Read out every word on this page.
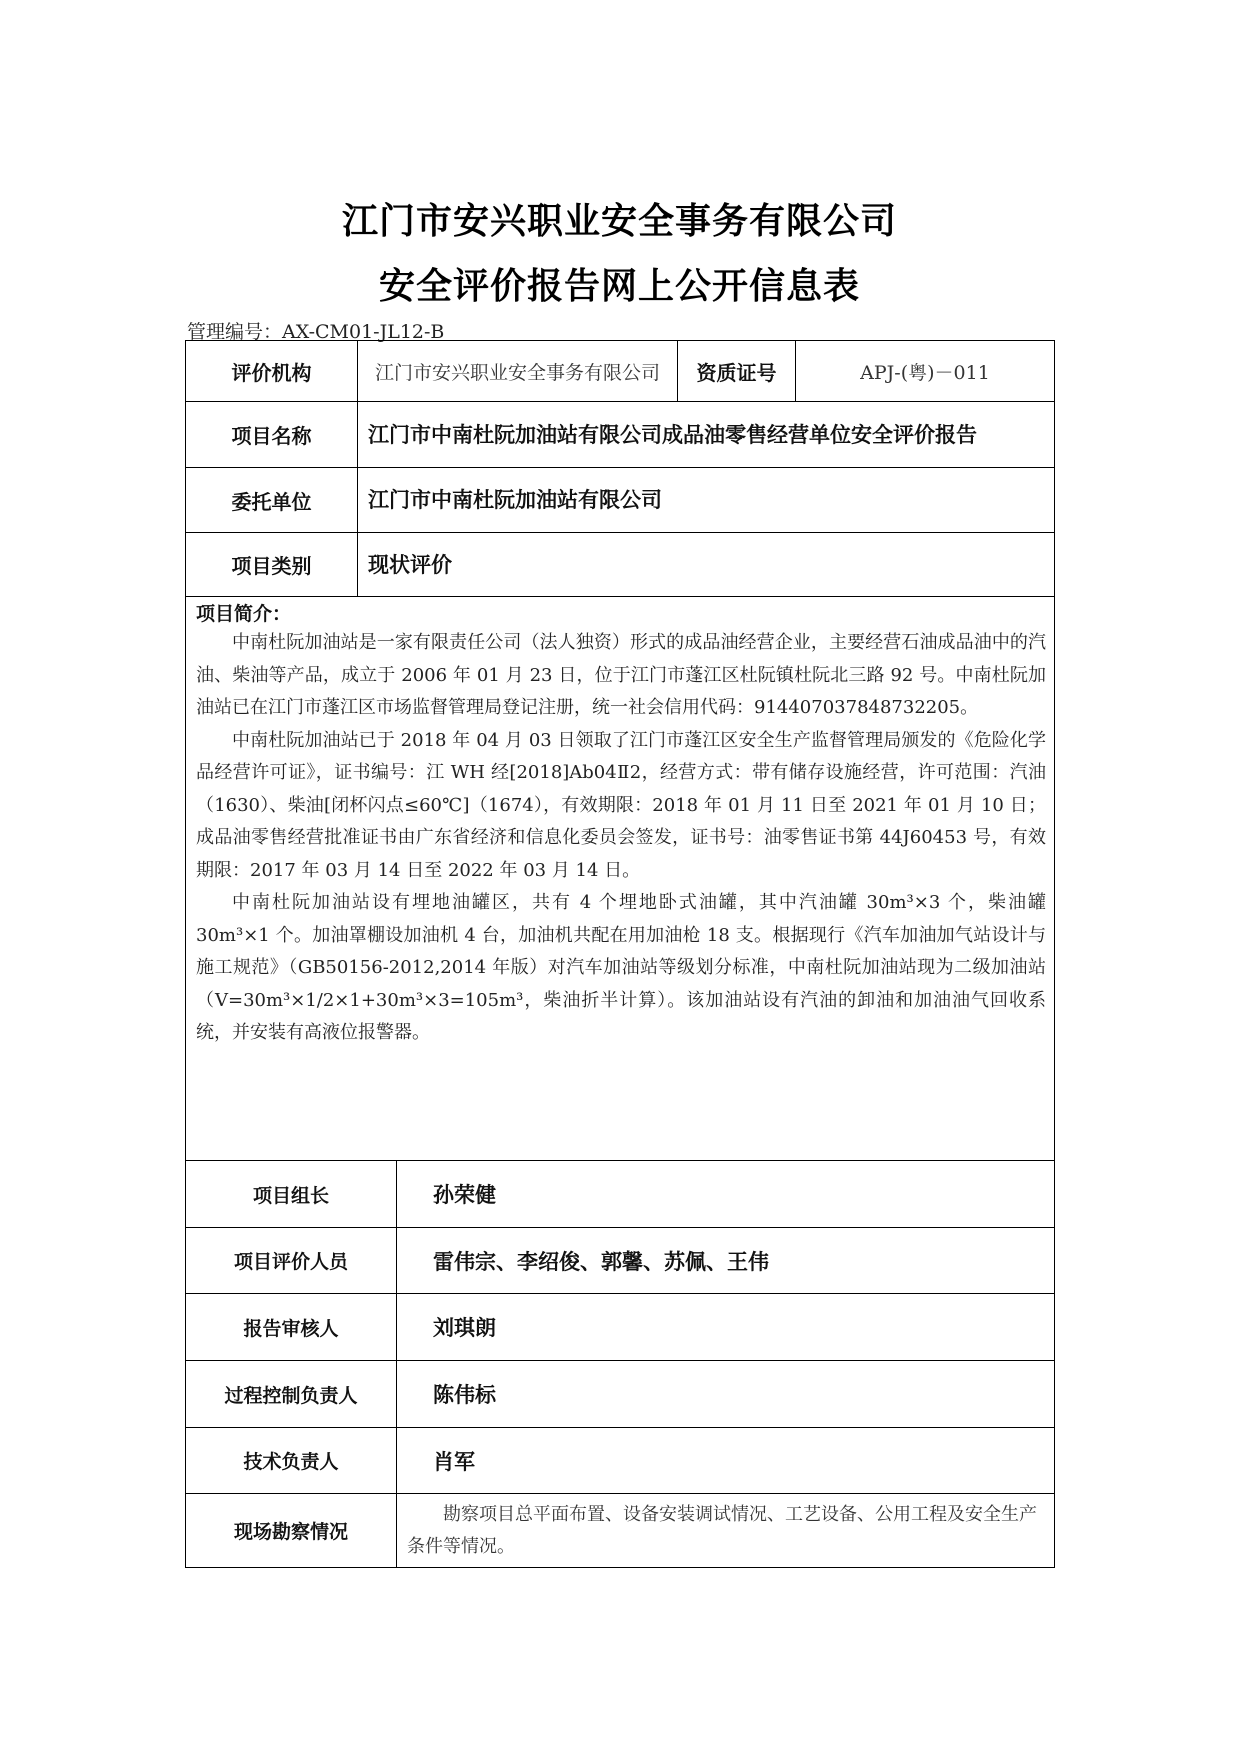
江门市安兴职业安全事务有限公司
安全评价报告网上公开信息表
管理编号：AX-CM01-JL12-B
评价机构	江门市安兴职业安全事务有限公司	资质证号	APJ-(粤)－011
项目名称	江门市中南杜阮加油站有限公司成品油零售经营单位安全评价报告		
委托单位	江门市中南杜阮加油站有限公司		
项目类别	现状评价		

项目简介：

中南杜阮加油站是一家有限责任公司（法人独资）形式的成品油经营企业，主要经营石油成品油中的汽油、柴油等产品，成立于 2006 年 01 月 23 日，位于江门市蓬江区杜阮镇杜阮北三路 92 号。中南杜阮加油站已在江门市蓬江区市场监督管理局登记注册，统一社会信用代码：914407037848732205。

中南杜阮加油站已于 2018 年 04 月 03 日领取了江门市蓬江区安全生产监督管理局颁发的《危险化学品经营许可证》，证书编号：江 WH 经[2018]Ab04Ⅱ2，经营方式：带有储存设施经营，许可范围：汽油（1630）、柴油[闭杯闪点≤60℃]（1674），有效期限：2018 年 01 月 11 日至 2021 年 01 月 10 日；成品油零售经营批准证书由广东省经济和信息化委员会签发，证书号：油零售证书第 44J60453 号，有效期限：2017 年 03 月 14 日至 2022 年 03 月 14 日。

中南杜阮加油站设有埋地油罐区，共有 4 个埋地卧式油罐，其中汽油罐 30m³×3 个，柴油罐 30m³×1 个。加油罩棚设加油机 4 台，加油机共配在用加油枪 18 支。根据现行《汽车加油加气站设计与施工规范》（GB50156-2012,2014 年版）对汽车加油站等级划分标准，中南杜阮加油站现为二级加油站（V=30m³×1/2×1+30m³×3=105m³，柴油折半计算）。该加油站设有汽油的卸油和加油油气回收系统，并安装有高液位报警器。			

项目组长	孙荣健
项目评价人员	雷伟宗、李绍俊、郭馨、苏佩、王伟
报告审核人	刘琪朗
过程控制负责人	陈伟标
技术负责人	肖军
现场勘察情况	勘察项目总平面布置、设备安装调试情况、工艺设备、公用工程及安全生产条件等情况。
